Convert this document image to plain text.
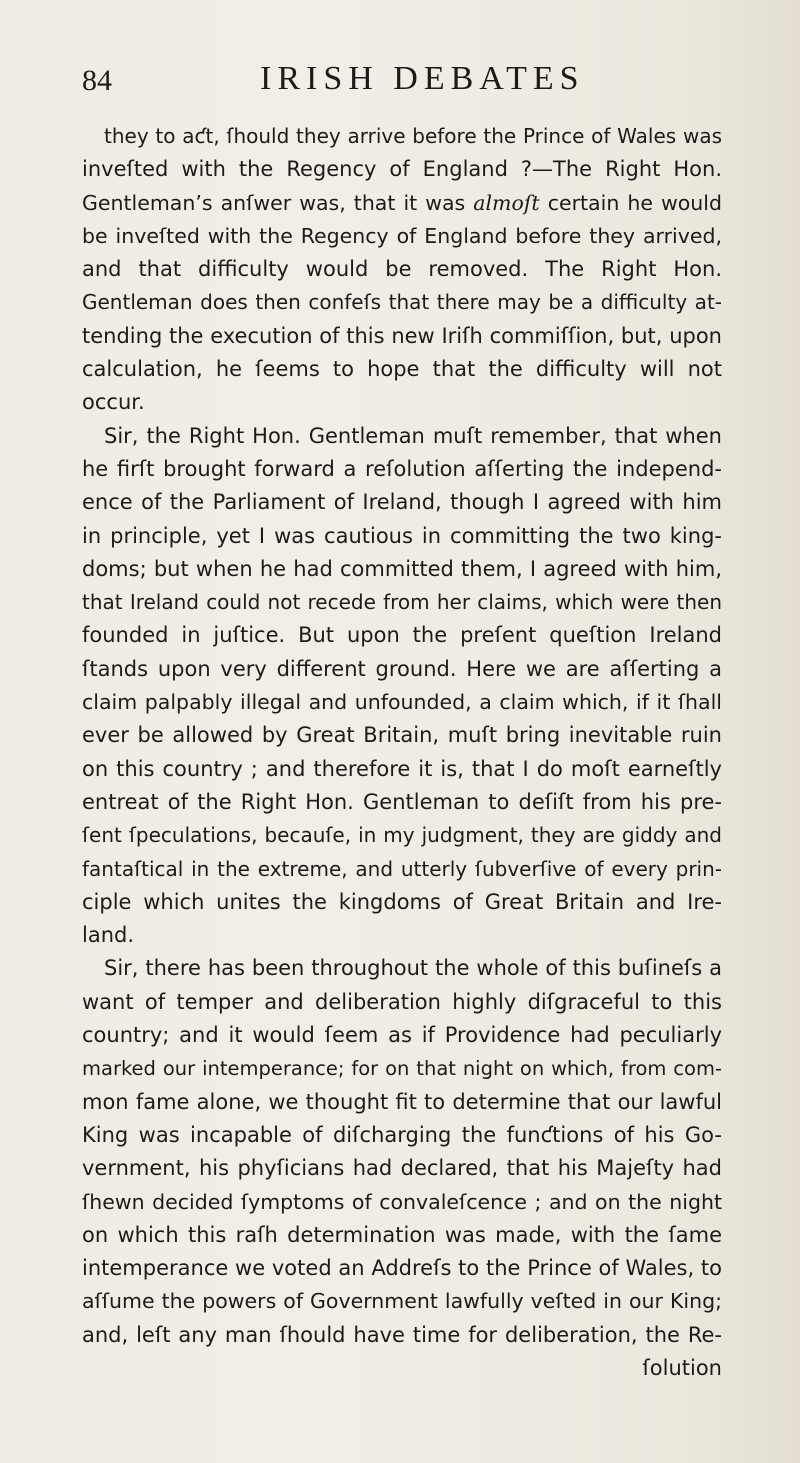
84	IRISH DEBATES
they to aƈt, ſhould they arrive before the Prince of Wales was
inveſted with the Regency of England ?—The Right Hon.
Gentleman’s anſwer was, that it was almoſt certain he would
be inveſted with the Regency of England before they arrived,
and that difficulty would be removed. The Right Hon.
Gentleman does then confeſs that there may be a difficulty at-
tending the execution of this new Iriſh commiſſion, but, upon
calculation, he ſeems to hope that the difficulty will not
occur.
Sir, the Right Hon. Gentleman muſt remember, that when
he firſt brought forward a reſolution aſſerting the independ-
ence of the Parliament of Ireland, though I agreed with him
in principle, yet I was cautious in committing the two king-
doms; but when he had committed them, I agreed with him,
that Ireland could not recede from her claims, which were then
founded in juſtice. But upon the preſent queſtion Ireland
ſtands upon very different ground. Here we are aſſerting a
claim palpably illegal and unfounded, a claim which, if it ſhall
ever be allowed by Great Britain, muſt bring inevitable ruin
on this country ; and therefore it is, that I do moſt earneſtly
entreat of the Right Hon. Gentleman to deſiſt from his pre-
ſent ſpeculations, becauſe, in my judgment, they are giddy and
fantaſtical in the extreme, and utterly ſubverſive of every prin-
ciple which unites the kingdoms of Great Britain and Ire-
land.
Sir, there has been throughout the whole of this buſineſs a
want of temper and deliberation highly diſgraceful to this
country; and it would ſeem as if Providence had peculiarly
marked our intemperance; for on that night on which, from com-
mon fame alone, we thought fit to determine that our lawful
King was incapable of diſcharging the funƈtions of his Go-
vernment, his phyſicians had declared, that his Majeſty had
ſhewn decided ſymptoms of convaleſcence ; and on the night
on which this raſh determination was made, with the ſame
intemperance we voted an Addreſs to the Prince of Wales, to
aſſume the powers of Government lawfully veſted in our King;
and, leſt any man ſhould have time for deliberation, the Re-
ſolution
